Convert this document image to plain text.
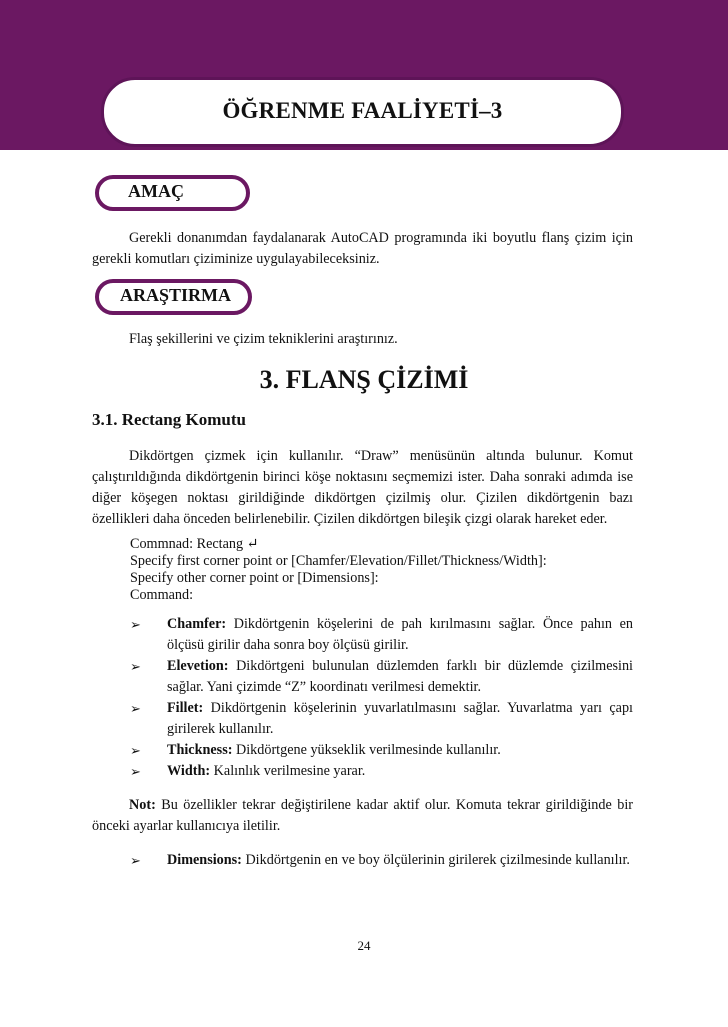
ÖĞRENME FAALİYETİ–3
AMAÇ

Gerekli donanımdan faydalanarak AutoCAD programında iki boyutlu flanş çizim için gerekli komutları çiziminize uygulayabileceksiniz.

ARAŞTIRMA

Flaş şekillerini ve çizim tekniklerini araştırınız.

3. FLANŞ ÇİZİMİ
3.1. Rectang Komutu

Dikdörtgen çizmek için kullanılır. “Draw” menüsünün altında bulunur. Komut çalıştırıldığında dikdörtgenin birinci köşe noktasını seçmemizi ister. Daha sonraki adımda ise diğer köşegen noktası girildiğinde dikdörtgen çizilmiş olur. Çizilen dikdörtgenin bazı özellikleri daha önceden belirlenebilir. Çizilen dikdörtgen bileşik çizgi olarak hareket eder.

Commnad: Rectang ↵
Specify first corner point or [Chamfer/Elevation/Fillet/Thickness/Width]:
Specify other corner point or [Dimensions]:
Command:
➢ Chamfer: Dikdörtgenin köşelerini de pah kırılmasını sağlar. Önce pahın en ölçüsü girilir daha sonra boy ölçüsü girilir.

➢ Elevetion: Dikdörtgeni bulunulan düzlemden farklı bir düzlemde çizilmesini sağlar. Yani çizimde “Z” koordinatı verilmesi demektir.

➢ Fillet: Dikdörtgenin köşelerinin yuvarlatılmasını sağlar. Yuvarlatma yarı çapı girilerek kullanılır.

➢ Thickness: Dikdörtgene yükseklik verilmesinde kullanılır.

➢ Width: Kalınlık verilmesine yarar.

Not: Bu özellikler tekrar değiştirilene kadar aktif olur. Komuta tekrar girildiğinde bir önceki ayarlar kullanıcıya iletilir.

➢ Dimensions: Dikdörtgenin en ve boy ölçülerinin girilerek çizilmesinde kullanılır.

24
